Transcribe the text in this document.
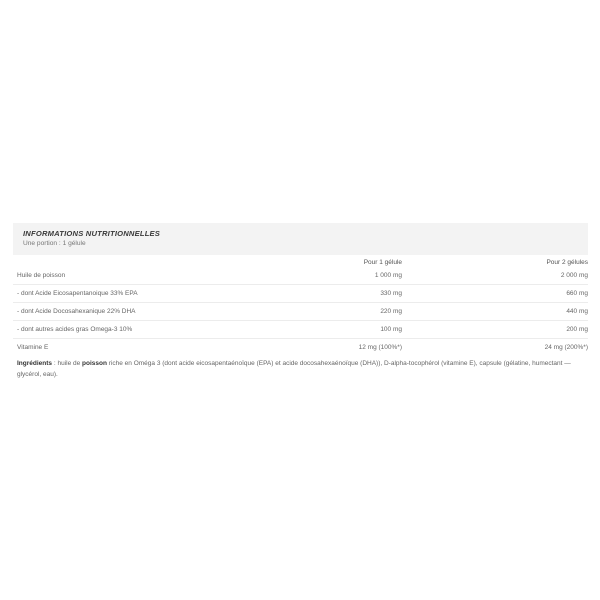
INFORMATIONS NUTRITIONNELLES
Une portion : 1 gélule
	Pour 1 gélule	Pour 2 gélules
Huile de poisson	1 000 mg	2 000 mg
- dont Acide Eicosapentanoique 33% EPA	330 mg	660 mg
- dont Acide Docosahexanique 22% DHA	220 mg	440 mg
- dont autres acides gras Omega-3 10%	100 mg	200 mg
Vitamine E	12 mg (100%*)	24 mg (200%*)
Ingrédients : huile de poisson riche en Oméga 3 (dont acide eicosapentaénoïque (EPA) et acide docosahexaénoïque (DHA)), D-alpha-tocophérol (vitamine E), capsule (gélatine, humectant — glycérol, eau).
